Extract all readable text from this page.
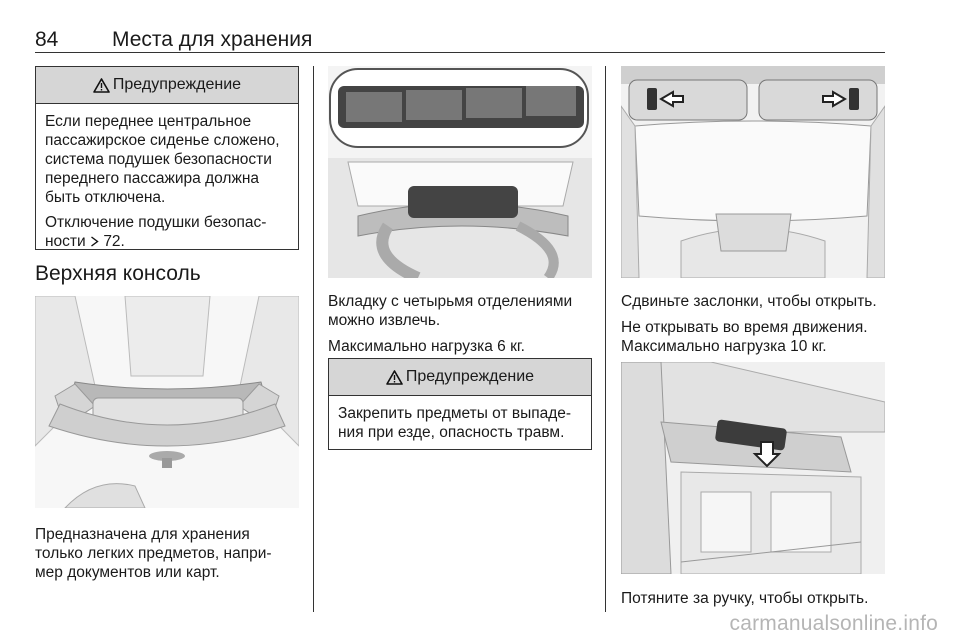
84	Места для хранения
Предупреждение

Если переднее центральное
пассажирское сиденье сложено,
система подушек безопасности
переднего пассажира должна
быть отключена.

Отключение подушки безопас-
ности 72.

Верхняя консоль
Предназначена для хранения
только легких предметов, напри-
мер документов или карт.

Вкладку с четырьмя отделениями
можно извлечь.

Максимально нагрузка 6 кг.

Предупреждение
Закрепить предметы от выпаде-
ния при езде, опасность травм.

Сдвиньте заслонки, чтобы открыть.

Не открывать во время движения.
Максимально нагрузка 10 кг.

Потяните за ручку, чтобы открыть.
carmanualsonline.info
